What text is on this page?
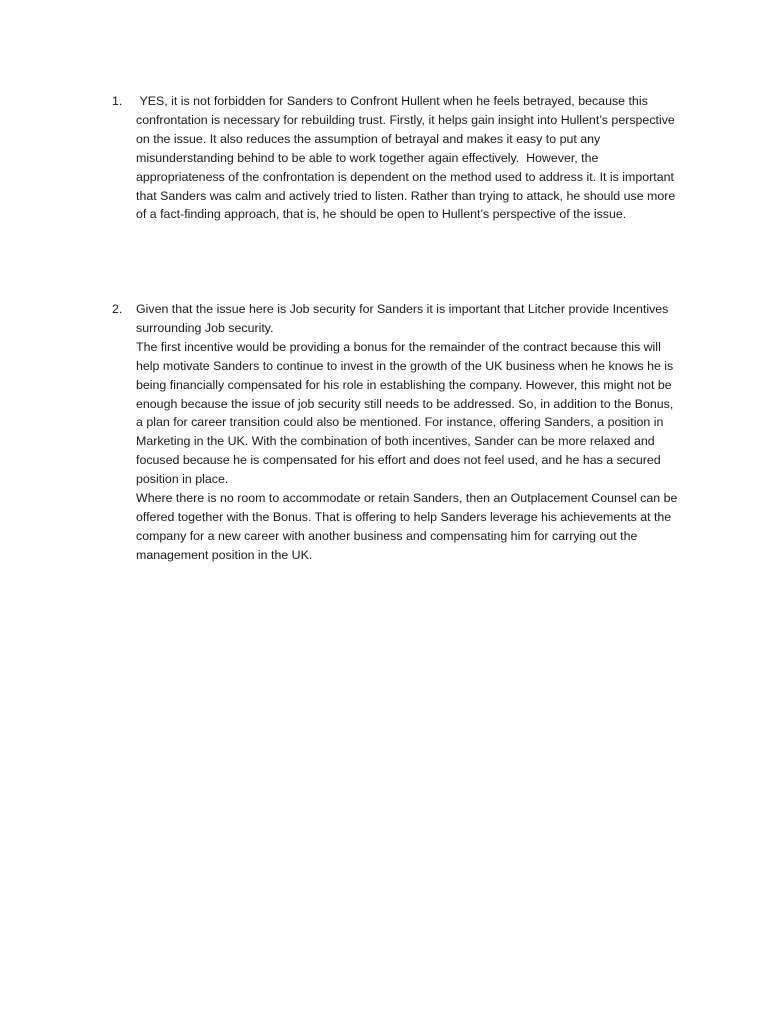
1.	YES, it is not forbidden for Sanders to Confront Hullent when he feels betrayed, because this confrontation is necessary for rebuilding trust. Firstly, it helps gain insight into Hullent’s perspective on the issue. It also reduces the assumption of betrayal and makes it easy to put any misunderstanding behind to be able to work together again effectively.  However, the appropriateness of the confrontation is dependent on the method used to address it. It is important that Sanders was calm and actively tried to listen. Rather than trying to attack, he should use more of a fact-finding approach, that is, he should be open to Hullent’s perspective of the issue.

2.	Given that the issue here is Job security for Sanders it is important that Litcher provide Incentives surrounding Job security.

The first incentive would be providing a bonus for the remainder of the contract because this will help motivate Sanders to continue to invest in the growth of the UK business when he knows he is being financially compensated for his role in establishing the company. However, this might not be enough because the issue of job security still needs to be addressed. So, in addition to the Bonus, a plan for career transition could also be mentioned. For instance, offering Sanders, a position in Marketing in the UK. With the combination of both incentives, Sander can be more relaxed and focused because he is compensated for his effort and does not feel used, and he has a secured position in place.

Where there is no room to accommodate or retain Sanders, then an Outplacement Counsel can be offered together with the Bonus. That is offering to help Sanders leverage his achievements at the company for a new career with another business and compensating him for carrying out the management position in the UK.
